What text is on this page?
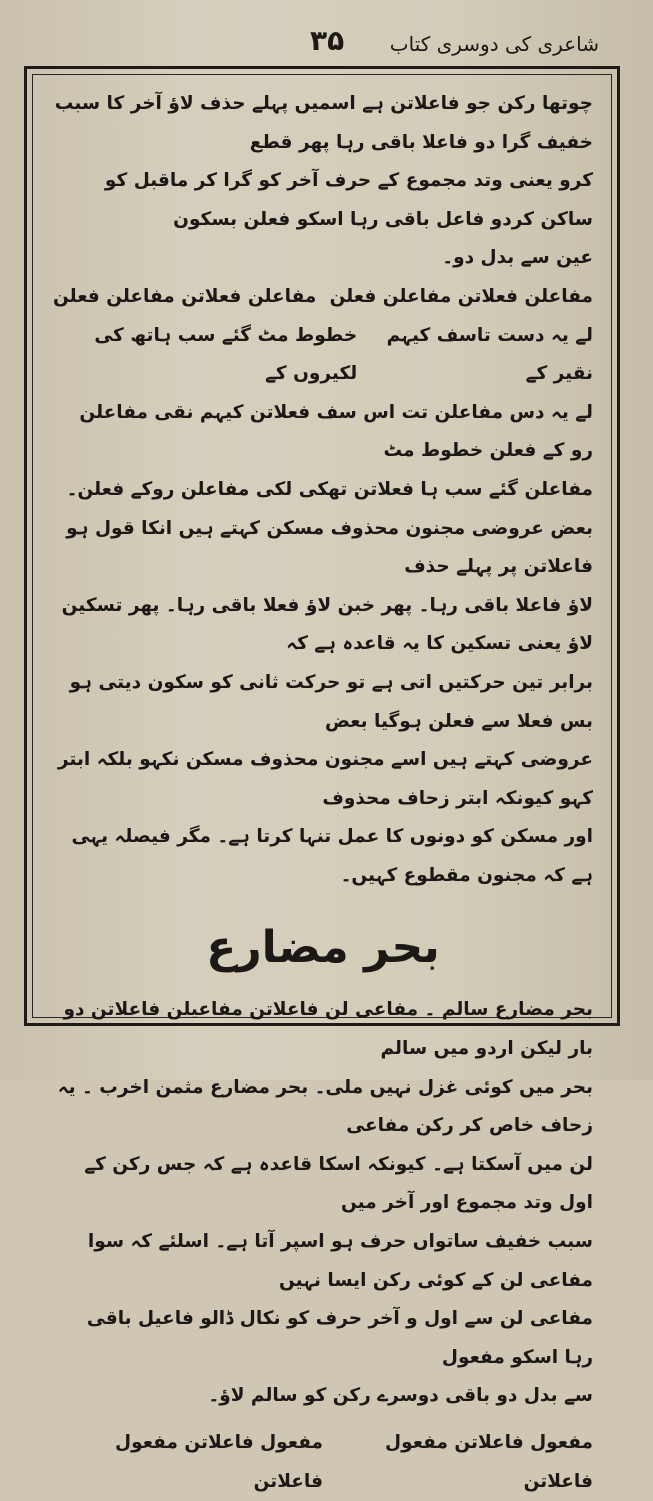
شاعری کی دوسری کتاب
۳۵

چوتھا رکن جو فاعلاتن ہے اسمیں پہلے حذف لاؤ آخر کا سبب خفیف گرا دو فاعلا باقی رہا پھر قطع

کرو یعنی وتد مجموع کے حرف آخر کو گرا کر ماقبل کو ساکن کردو فاعل باقی رہا اسکو فعلن بسکون

عین سے بدل دو۔

مفاعلن فعلاتن مفاعلن فعلن
مفاعلن فعلاتن مفاعلن فعلن
لے یہ دست تاسف کیہم نقیر کے
خطوط مٹ گئے سب ہاتھ کی لکیروں کے

لے یہ دس مفاعلن تت اس سف فعلاتن کیہم نقی مفاعلن رو کے فعلن خطوط مٹ

مفاعلن گئے سب ہا فعلاتن تھکی لکی مفاعلن روکے فعلن۔

بعض عروضی مجنون محذوف مسکن کہتے ہیں انکا قول ہو فاعلاتن پر پہلے حذف

لاؤ فاعلا باقی رہا۔ پھر خبن لاؤ فعلا باقی رہا۔ پھر تسکین لاؤ یعنی تسکین کا یہ قاعدہ ہے کہ

برابر تین حرکتیں اتی ہے تو حرکت ثانی کو سکون دیتی ہو بس فعلا سے فعلن ہوگیا بعض

عروضی کہتے ہیں اسے مجنون محذوف مسکن نکہو بلکہ ابتر کہو کیونکہ ابتر زحاف محذوف

اور مسکن کو دونوں کا عمل تنہا کرتا ہے۔ مگر فیصلہ یہی ہے کہ مجنون مقطوع کہیں۔

بحر مضارع

بحر مضارع سالم ۔ مفاعی لن فاعلاتن مفاعیلن فاعلاتن دو بار لیکن اردو میں سالم

بحر میں کوئی غزل نہیں ملی۔ بحر مضارع مثمن اخرب ۔ یہ زحاف خاص کر رکن مفاعی

لن میں آسکتا ہے۔ کیونکہ اسکا قاعدہ ہے کہ جس رکن کے اول وتد مجموع اور آخر میں

سبب خفیف ساتواں حرف ہو اسپر آتا ہے۔ اسلئے کہ سوا مفاعی لن کے کوئی رکن ایسا نہیں

مفاعی لن سے اول و آخر حرف کو نکال ڈالو فاعیل باقی رہا اسکو مفعول

سے بدل دو باقی دوسرے رکن کو سالم لاؤ۔

مفعول فاعلاتن مفعول فاعلاتن
مفعول فاعلاتن مفعول فاعلاتن
